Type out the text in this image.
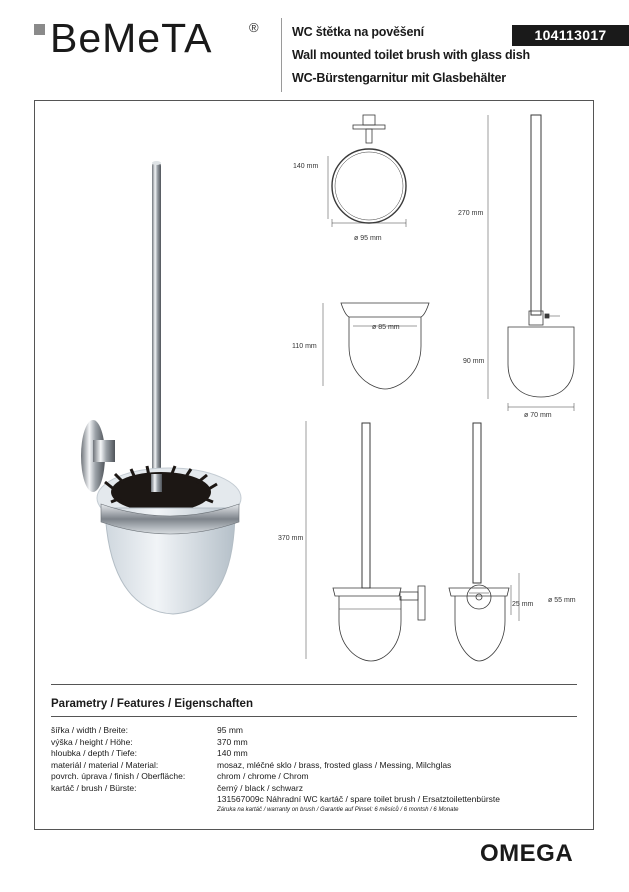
BeMeTA	®	WC štětka na pověšení
Wall mounted toilet brush with glass dish
WC-Bürstengarnitur mit Glasbehälter
104113017
140 mm
ø 95 mm
110 mm
ø 85 mm
270 mm
90 mm
ø 70 mm
370 mm
25 mm
ø 55 mm
Parametry / Features / Eigenschaften
šířka / width / Breite:	95 mm
výška / height / Höhe:	370 mm
hloubka / depth / Tiefe:	140 mm
materiál / material / Material:	mosaz, mléčné sklo / brass, frosted glass / Messing, Milchglas
povrch. úprava / finish / Oberfläche:	chrom / chrome / Chrom
kartáč / brush / Bürste:	černý / black / schwarz
131567009c Náhradní WC kartáč / spare toilet brush / Ersatztoilettenbürste
Záruka na kartáč / warranty on brush / Garantie auf Pinsel: 6 měsíců / 6 montsh / 6 Monate
OMEGA
